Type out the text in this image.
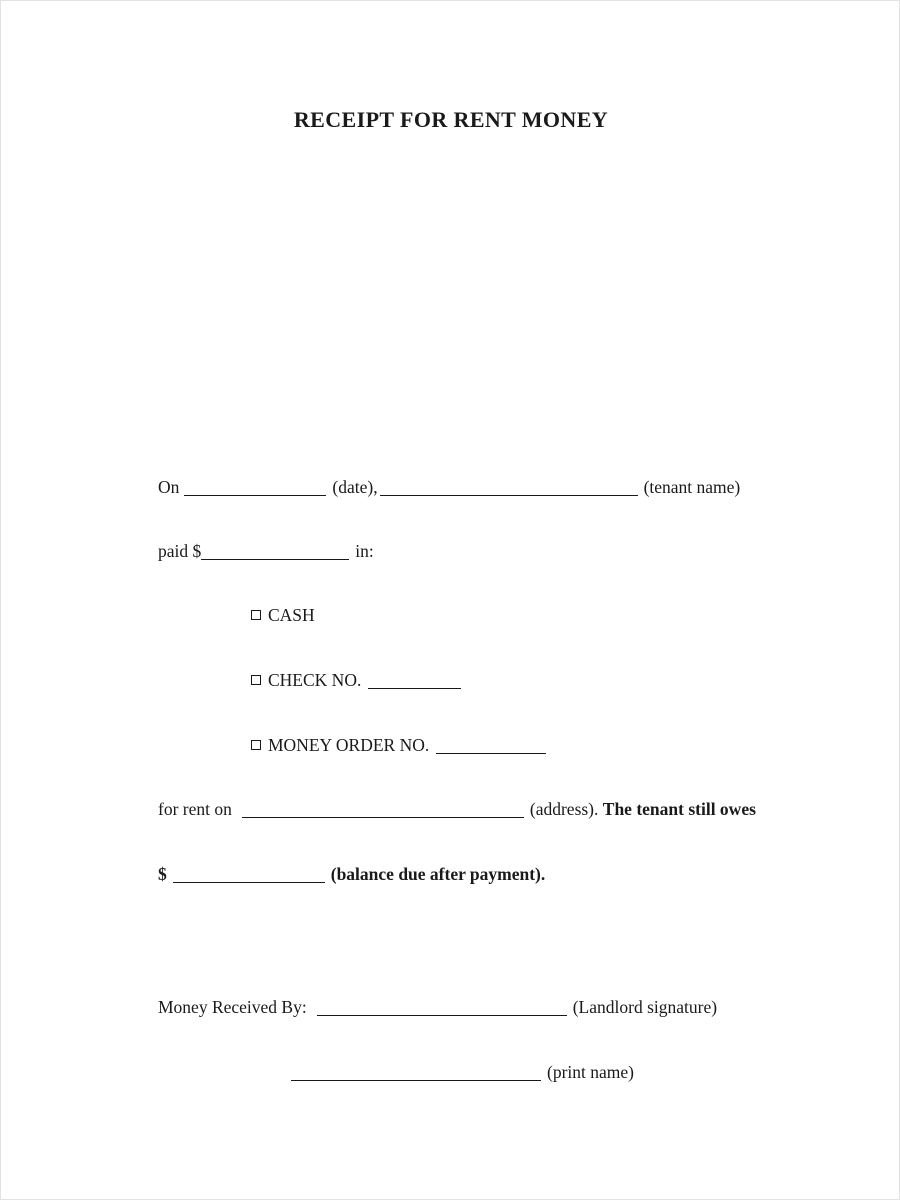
RECEIPT FOR RENT MONEY
On	(date),	(tenant name)
paid $	in:
CASH
CHECK NO.
MONEY ORDER NO.
for rent on	(address). The tenant still owes
$	(balance due after payment).
Money Received By:	(Landlord signature)
(print name)
